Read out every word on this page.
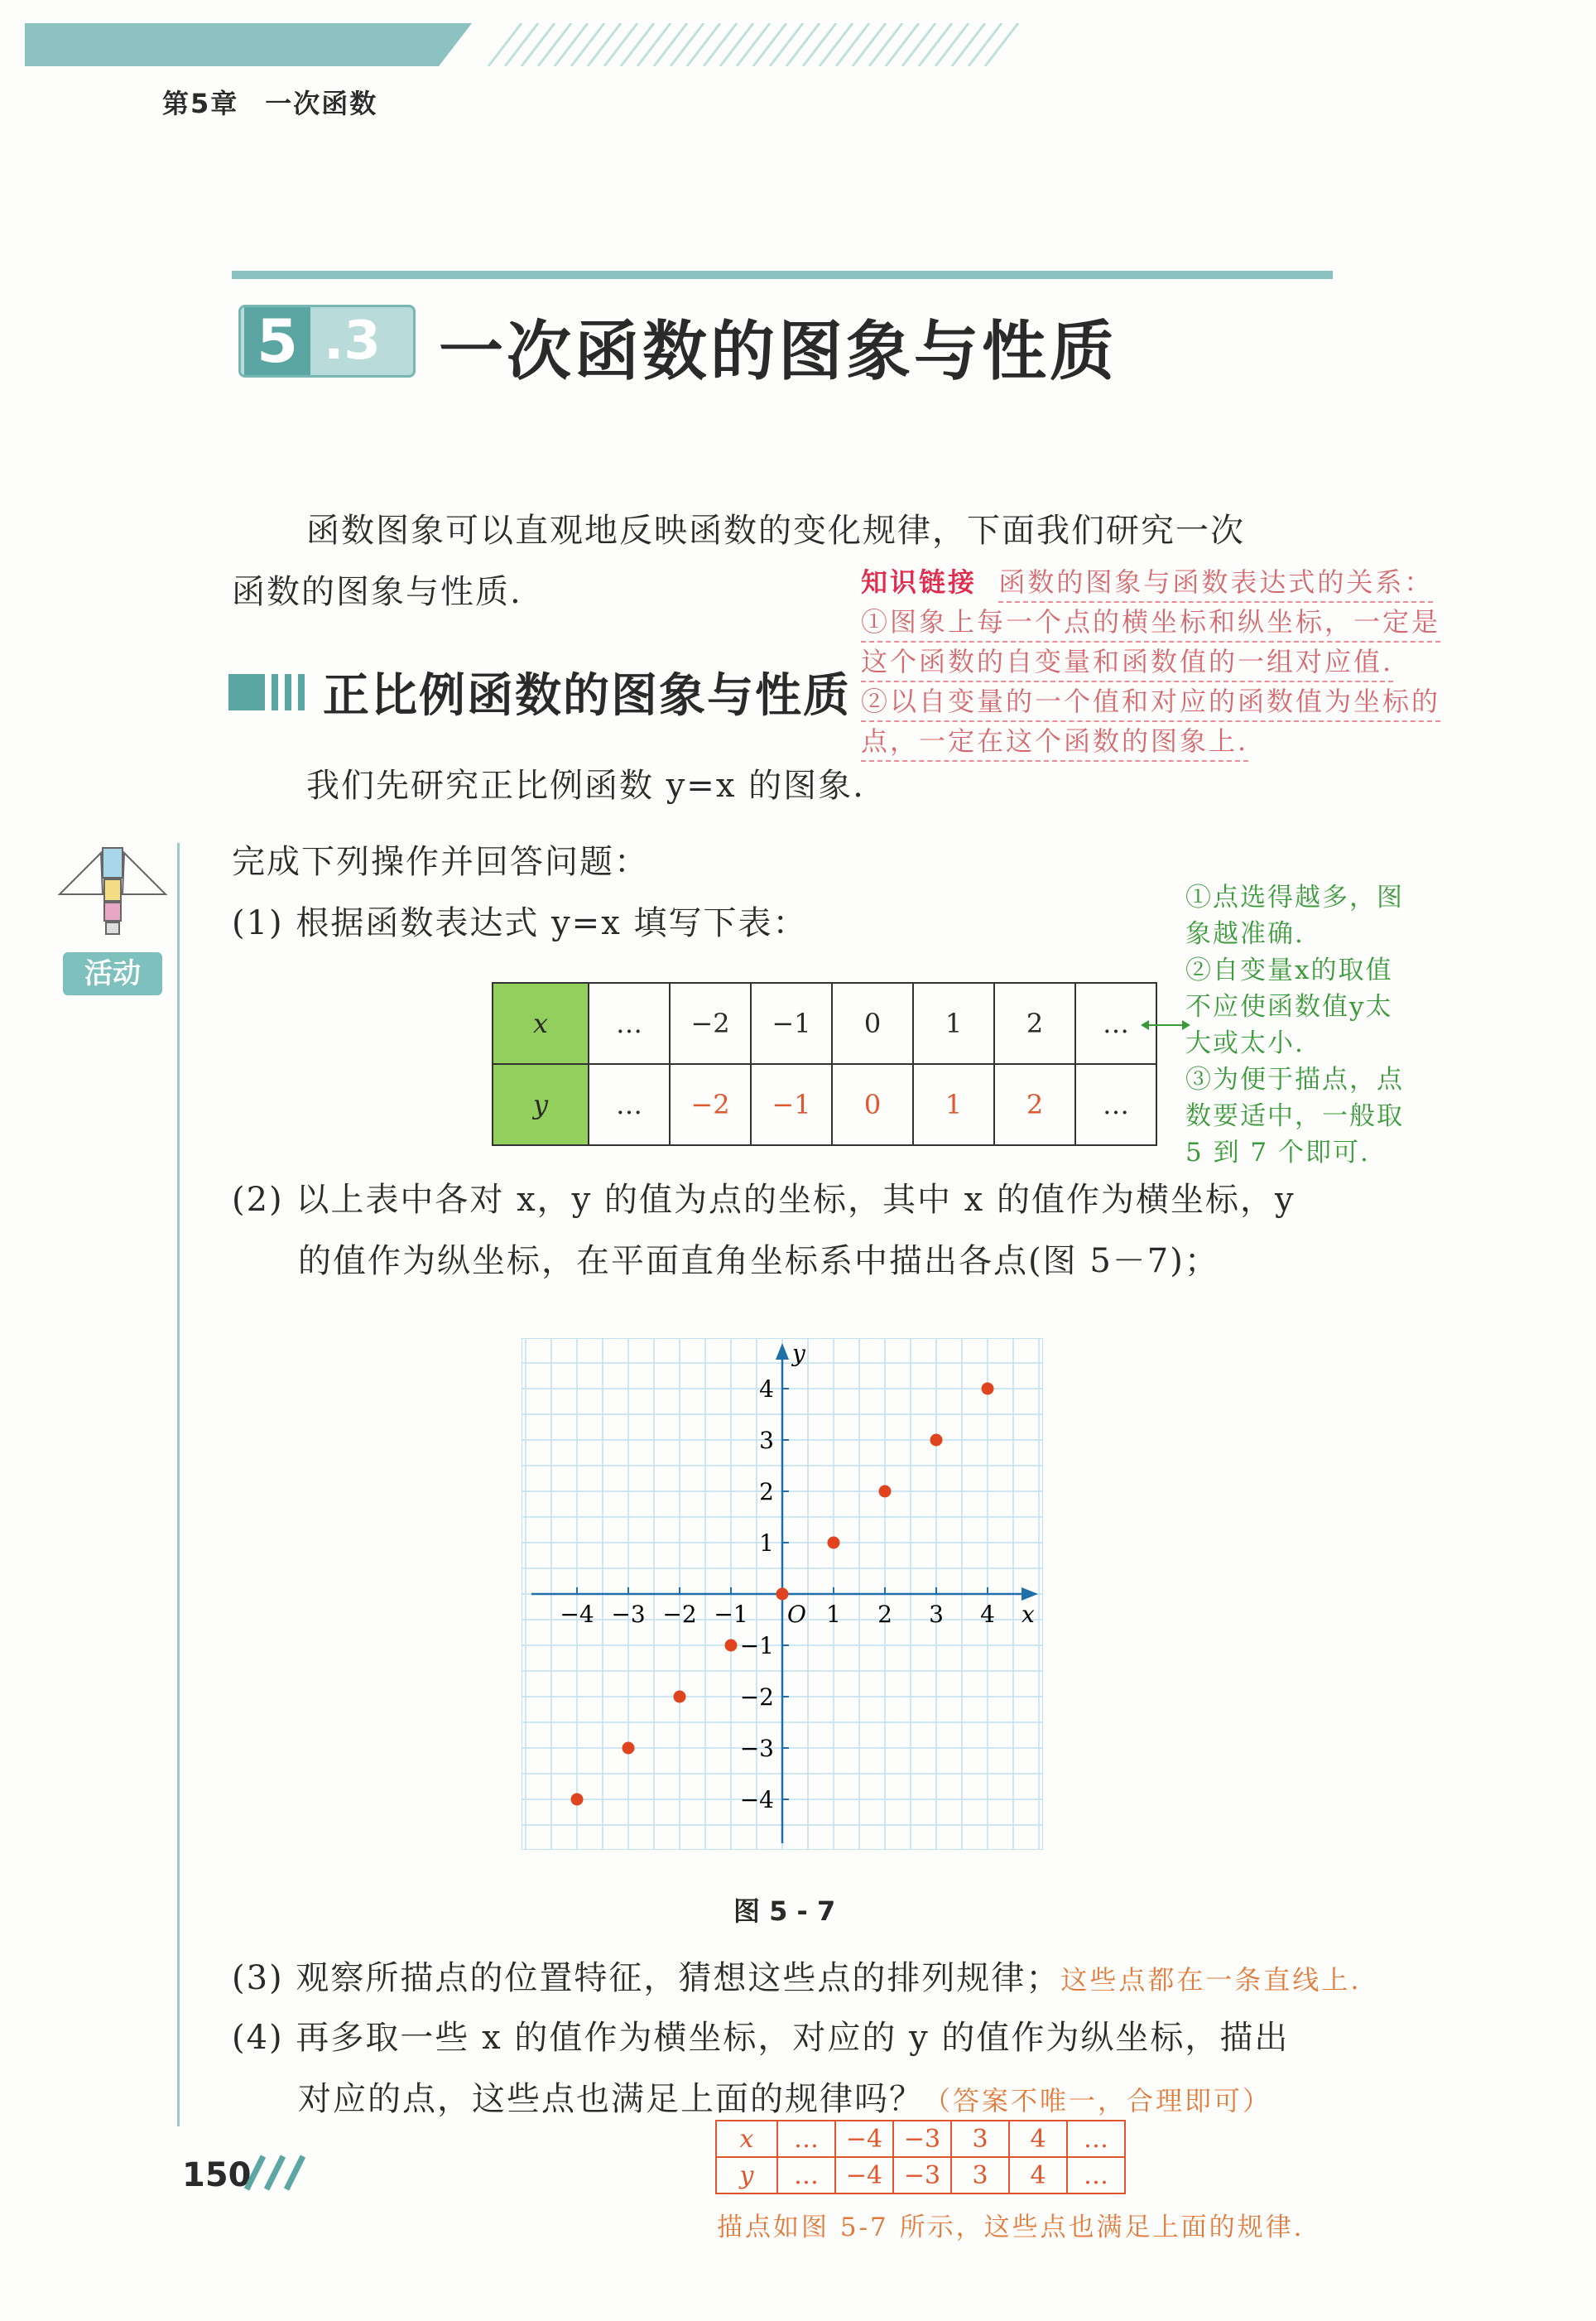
第5章 一次函数
5 .3 一次函数的图象与性质
函数图象可以直观地反映函数的变化规律，下面我们研究一次
函数的图象与性质.	知识链接 函数的图象与函数表达式的关系：
①图象上每一个点的横坐标和纵坐标，一定是
这个函数的自变量和函数值的一组对应值.
②以自变量的一个值和对应的函数值为坐标的
点，一定在这个函数的图象上.
正比例函数的图象与性质
我们先研究正比例函数 y=x 的图象.
活动
完成下列操作并回答问题：
(1) 根据函数表达式 y=x 填写下表：
x	…	−2	−1	0	1	2	…
y	…	−2	−1	0	1	2	…
①点选得越多，图
象越准确.
②自变量x的取值
不应使函数值y太
大或太小.
③为便于描点，点
数要适中，一般取
5 到 7 个即可.
(2) 以上表中各对 x，y 的值为点的坐标，其中 x 的值作为横坐标，y
的值作为纵坐标，在平面直角坐标系中描出各点(图 5－7)；
x
y
O
−4 −3 −2 −1	1 2 3 4
4
3
2
1
−1
−2
−3
−4
图 5 - 7
(3) 观察所描点的位置特征，猜想这些点的排列规律；这些点都在一条直线上.
(4) 再多取一些 x 的值作为横坐标，对应的 y 的值作为纵坐标，描出
对应的点，这些点也满足上面的规律吗？（答案不唯一，合理即可）
x	…	−4	−3	3	4	…
y	…	−4	−3	3	4	…
描点如图 5-7 所示，这些点也满足上面的规律.
150
